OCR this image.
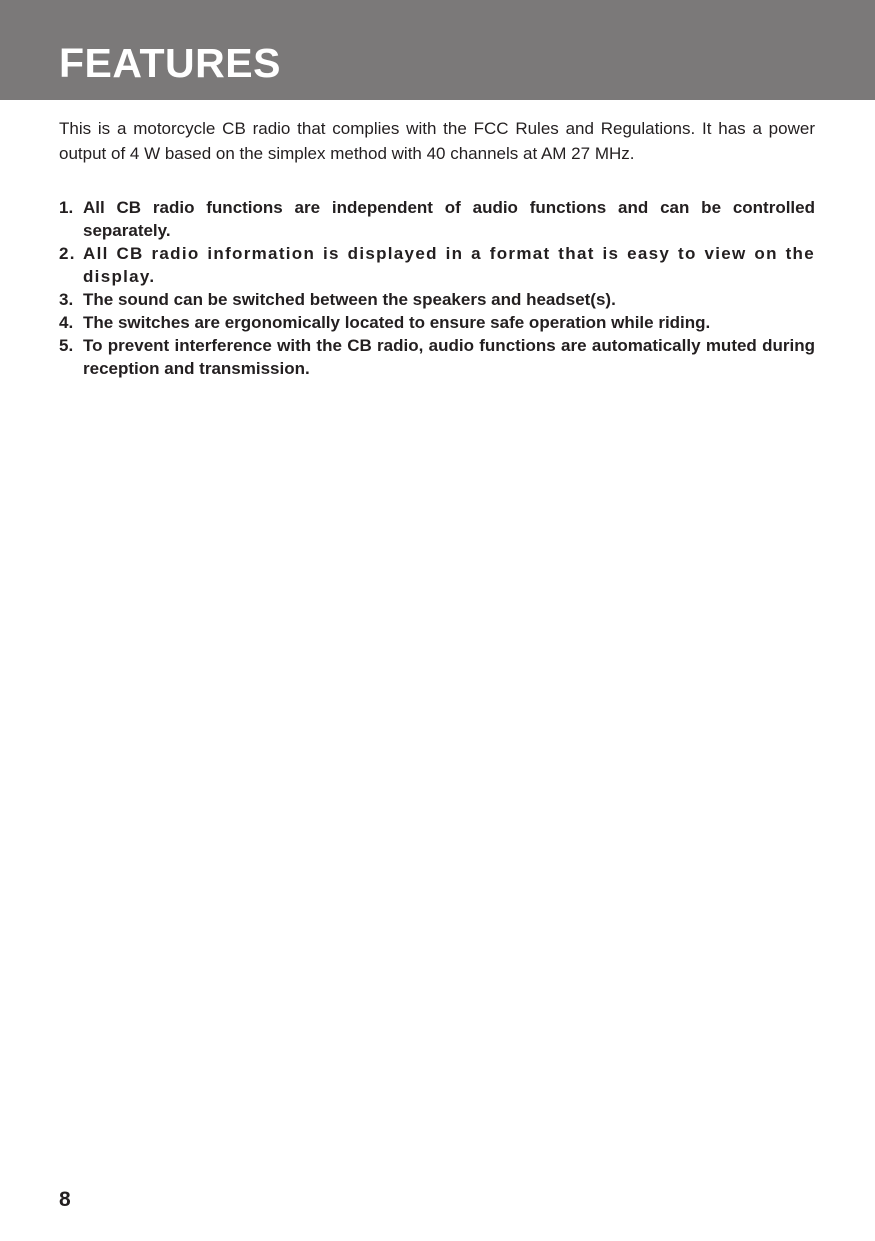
FEATURES

This is a motorcycle CB radio that complies with the FCC Rules and Regulations. It has a power output of 4 W based on the simplex method with 40 channels at AM 27 MHz.

1. All CB radio functions are independent of audio functions and can be controlled separately.
2. All CB radio information is displayed in a format that is easy to view on the display.
3. The sound can be switched between the speakers and headset(s).
4. The switches are ergonomically located to ensure safe operation while riding.
5. To prevent interference with the CB radio, audio functions are automatically muted during reception and transmission.
8
